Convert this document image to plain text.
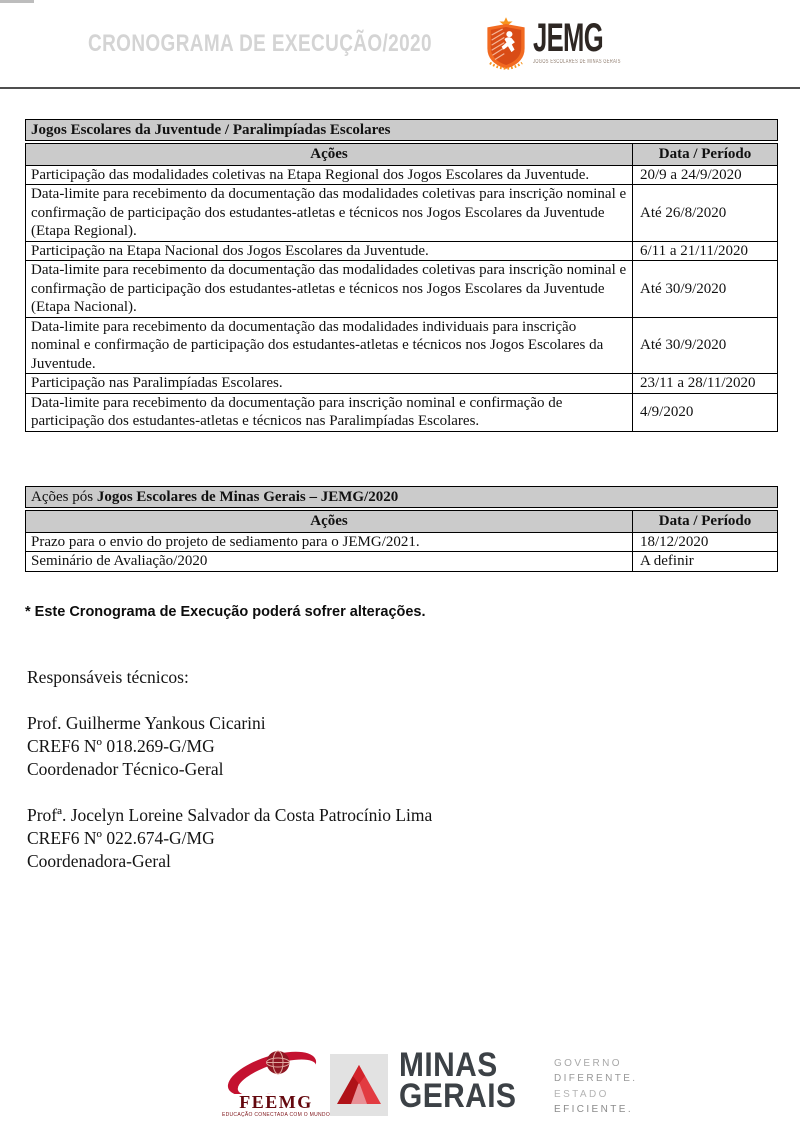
CRONOGRAMA DE EXECUÇÃO/2020	JEMG
JOGOS ESCOLARES DE MINAS GERAIS
Jogos Escolares da Juventude / Paralimpíadas Escolares
Ações	Data / Período
Participação das modalidades coletivas na Etapa Regional dos Jogos Escolares da Juventude.	20/9 a 24/9/2020
Data-limite para recebimento da documentação das modalidades coletivas para inscrição nominal e confirmação de participação dos estudantes-atletas e técnicos nos Jogos Escolares da Juventude (Etapa Regional).	Até 26/8/2020
Participação na Etapa Nacional dos Jogos Escolares da Juventude.	6/11 a 21/11/2020
Data-limite para recebimento da documentação das modalidades coletivas para inscrição nominal e confirmação de participação dos estudantes-atletas e técnicos nos Jogos Escolares da Juventude (Etapa Nacional).	Até 30/9/2020
Data-limite para recebimento da documentação das modalidades individuais para inscrição nominal e confirmação de participação dos estudantes-atletas e técnicos nos Jogos Escolares da Juventude.	Até 30/9/2020
Participação nas Paralimpíadas Escolares.	23/11 a 28/11/2020
Data-limite para recebimento da documentação para inscrição nominal e confirmação de participação dos estudantes-atletas e técnicos nas Paralimpíadas Escolares.	4/9/2020
Ações pós Jogos Escolares de Minas Gerais – JEMG/2020
Ações	Data / Período
Prazo para o envio do projeto de sediamento para o JEMG/2021.	18/12/2020
Seminário de Avaliação/2020	A definir
* Este Cronograma de Execução poderá sofrer alterações.
Responsáveis técnicos:
Prof. Guilherme Yankous Cicarini
CREF6 Nº 018.269-G/MG
Coordenador Técnico-Geral
Profª. Jocelyn Loreine Salvador da Costa Patrocínio Lima
CREF6 Nº 022.674-G/MG
Coordenadora-Geral
FEEMG
EDUCAÇÃO CONECTADA COM O MUNDO
MINAS
GERAIS
GOVERNO
DIFERENTE.
ESTADO
EFICIENTE.
